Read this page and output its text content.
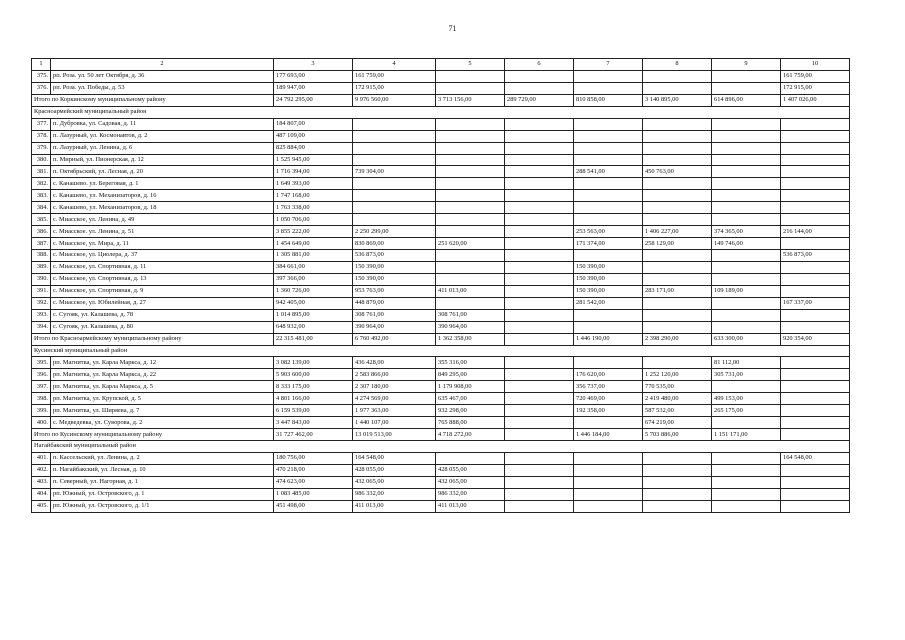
71
1	2	3	4	5	6	7	8	9	10
375.	рп. Роза. ул. 50 лет Октября, д. 36	177 693,00	161 759,00						161 759,00
376.	рп. Роза. ул. Победы, д. 53	189 947,00	172 915,00						172 915,00
Итого по Коркинскому муниципальному району		24 792 295,00	9 976 560,00	3 713 156,00	289 729,00	810 858,00	3 140 895,00	614 896,00	1 407 026,00
Красноармейский муниципальный район									
377.	п. Дубровка, ул. Садовая, д. 11	184 807,00							
378.	п. Лазурный, ул. Космонавтов, д. 2	487 109,00							
379.	п. Лазурный, ул. Ленина, д. 6	825 884,00							
380.	п. Мирный, ул. Пионерская, д. 12	1 525 945,00							
381.	п. Октябрьский, ул. Лесная, д. 20	1 716 394,00	739 304,00			288 541,00	450 763,00		
382.	с. Канашево. ул. Береговая, д. 1	1 649 393,00							
383.	с. Канашево, ул. Механизаторов, д. 16	1 747 168,00							
384.	с. Канашево, ул. Механизаторов, д. 18	1 763 338,00							
385.	с. Миасское, ул. Ленина, д. 49	1 050 706,00							
386.	с. Миасское. ул. Ленина, д. 51	3 855 222,00	2 250 299,00			253 563,00	1 406 227,00	374 365,00	216 144,00
387.	с. Миасское, ул. Мира, д. 11	1 454 649,00	830 869,00	251 620,00		171 374,00	258 129,00	149 746,00	
388.	с. Миасское, ул. Циолера, д. 37	1 305 881,00	536 873,00						536 873,00
389.	с. Миасское, ул. Спортивная, д. 11	384 661,00	150 390,00			150 390,00			
390.	с. Миасское, ул. Спортивная, д. 13	397 366,00	150 390,00			150 390,00			
391.	с. Миасское, ул. Спортивная, д. 9	1 360 726,00	953 763,00	411 013,00		150 390,00	283 171,00	109 189,00	
392.	с. Миасское, ул. Юбилейная, д. 27	942 405,00	448 879,00			281 542,00			167 337,00
393.	с. Сугояк, ул. Калашева, д. 78	1 014 895,00	308 761,00	308 761,00					
394.	с. Сугояк, ул. Калашева, д. 80	648 932,00	390 964,00	390 964,00					
Итого по Красноармейскому муниципальному району		22 315 481,00	6 760 492,00	1 362 358,00		1 446 190,00	2 398 290,00	633 300,00	920 354,00
Кусинский муниципальный район									
395.	рп. Магнитка, ул. Карла Маркса, д. 12	3 082 139,00	436 428,00	355 316,00				81 112,00	
396.	рп. Магнитка, ул. Карла Маркса, д. 22	5 903 600,00	2 583 866,00	849 295,00		176 620,00	1 252 120,00	305 731,00	
397.	рп. Магнитка, ул. Карла Маркса, д. 5	8 333 175,00	2 307 180,00	1 179 908,00		356 737,00	770 535,00		
398.	рп. Магнитка, ул. Крупской, д. 5	4 801 166,00	4 274 569,00	635 467,00		720 469,00	2 419 480,00	499 153,00	
399.	рп. Магнитка, ул. Ширяева, д. 7	6 159 539,00	1 977 363,00	932 298,00		192 358,00	587 532,00	265 175,00	
400.	с. Медведевка, ул. Суворова, д. 2	3 447 843,00	1 440 107,00	765 888,00			674 219,00		
Итого по Кусинскому муниципальному району		31 727 462,00	13 019 513,00	4 718 272,00		1 446 184,00	5 703 886,00	1 151 171,00	
Нагайбакский муниципальный район									
401.	п. Кассельский, ул. Ленина, д. 2	180 756,00	164 548,00						164 548,00
402.	п. Нагайбакский, ул. Лесная, д. 10	470 218,00	428 055,00	428 055,00					
403.	п. Северный, ул. Нагорная, д. 1	474 623,00	432 065,00	432 065,00					
404.	рп. Южный, ул. Островского, д. 1	1 083 485,00	986 332,00	986 332,00					
405.	рп. Южный, ул. Островского, д. 1/1	451 498,00	411 013,00	411 013,00					
